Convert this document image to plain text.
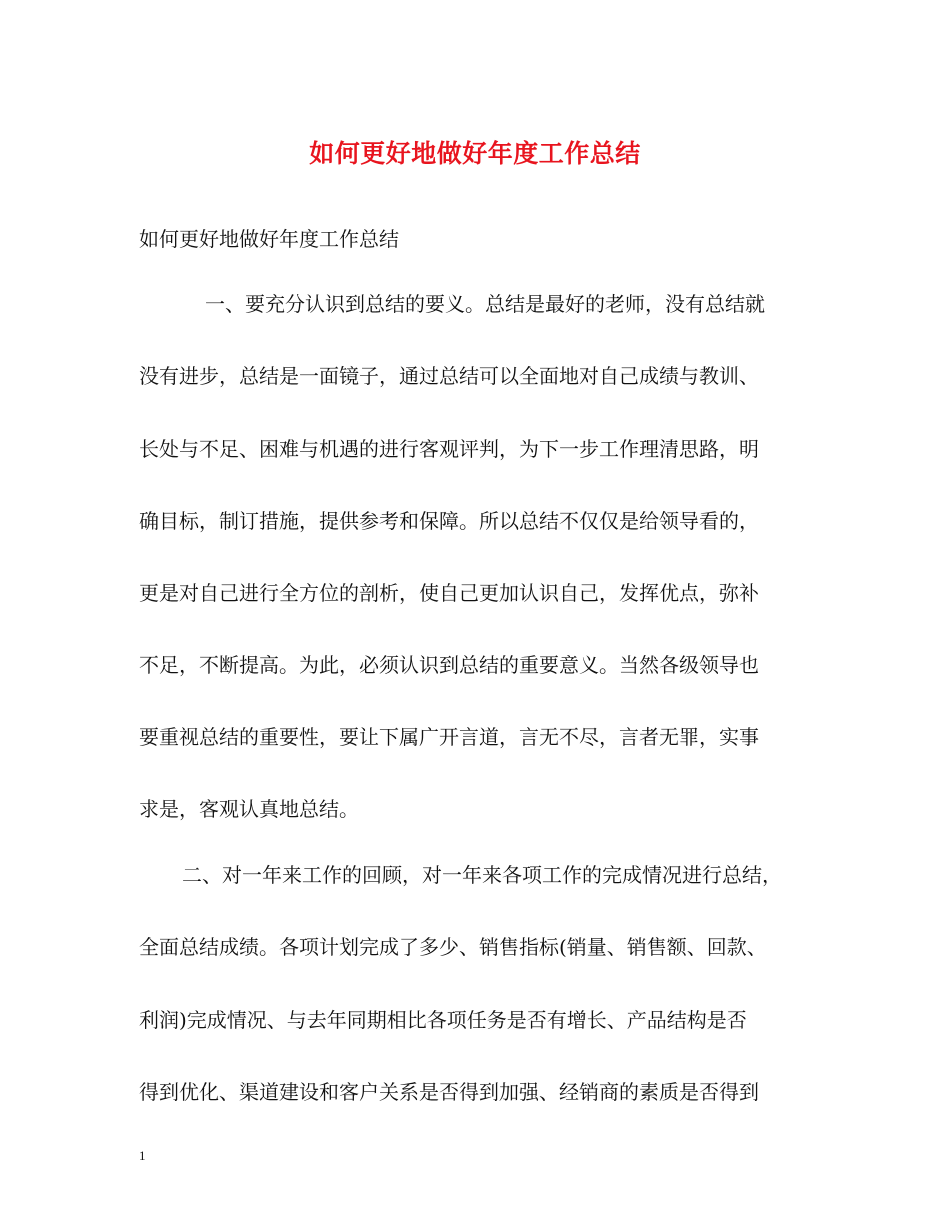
如何更好地做好年度工作总结
如何更好地做好年度工作总结
一、要充分认识到总结的要义。总结是最好的老师，没有总结就
没有进步，总结是一面镜子，通过总结可以全面地对自己成绩与教训、
长处与不足、困难与机遇的进行客观评判，为下一步工作理清思路，明
确目标，制订措施，提供参考和保障。所以总结不仅仅是给领导看的，
更是对自己进行全方位的剖析，使自己更加认识自己，发挥优点，弥补
不足，不断提高。为此，必须认识到总结的重要意义。当然各级领导也
要重视总结的重要性，要让下属广开言道，言无不尽，言者无罪，实事
求是，客观认真地总结。
二、对一年来工作的回顾，对一年来各项工作的完成情况进行总结，
全面总结成绩。各项计划完成了多少、销售指标(销量、销售额、回款、
利润)完成情况、与去年同期相比各项任务是否有增长、产品结构是否
得到优化、渠道建设和客户关系是否得到加强、经销商的素质是否得到
1
